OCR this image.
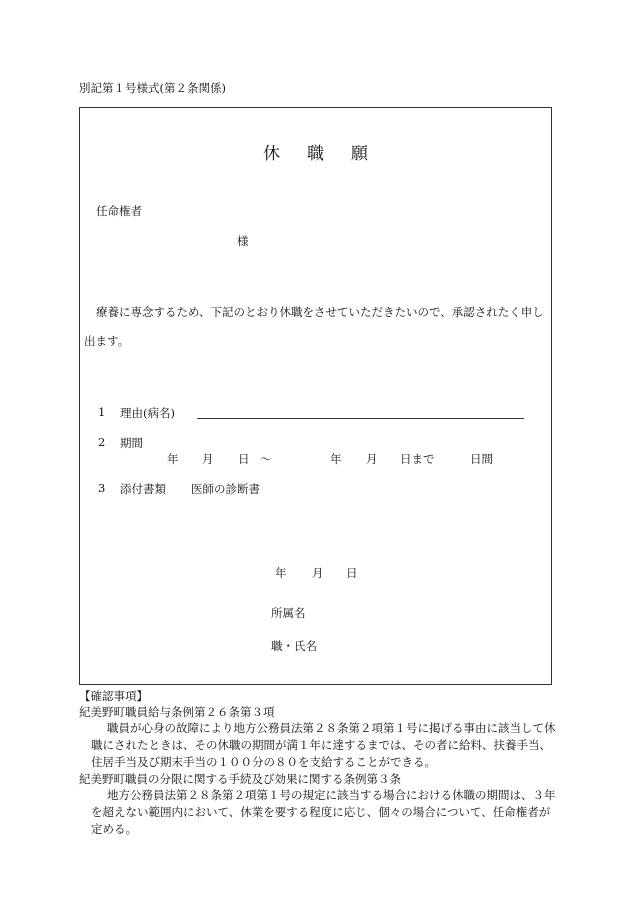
別記第１号様式(第２条関係)
休職願
任命権者
様
療養に専念するため、下記のとおり休職をさせていただきたいので、承認されたく申し
出ます。
1 理由(病名)
2 期間
年 月 日 ～	年 月 日まで	日間
3 添付書類 医師の診断書
年 月 日
所属名
職・氏名
【確認事項】
紀美野町職員給与条例第２６条第３項
職員が心身の故障により地方公務員法第２８条第２項第１号に掲げる事由に該当して休職にされたときは、その休職の期間が満１年に達するまでは、その者に給料、扶養手当、住居手当及び期末手当の１００分の８０を支給することができる。
紀美野町職員の分限に関する手続及び効果に関する条例第３条
地方公務員法第２８条第２項第１号の規定に該当する場合における休職の期間は、３年を超えない範囲内において、休業を要する程度に応じ、個々の場合について、任命権者が定める。
